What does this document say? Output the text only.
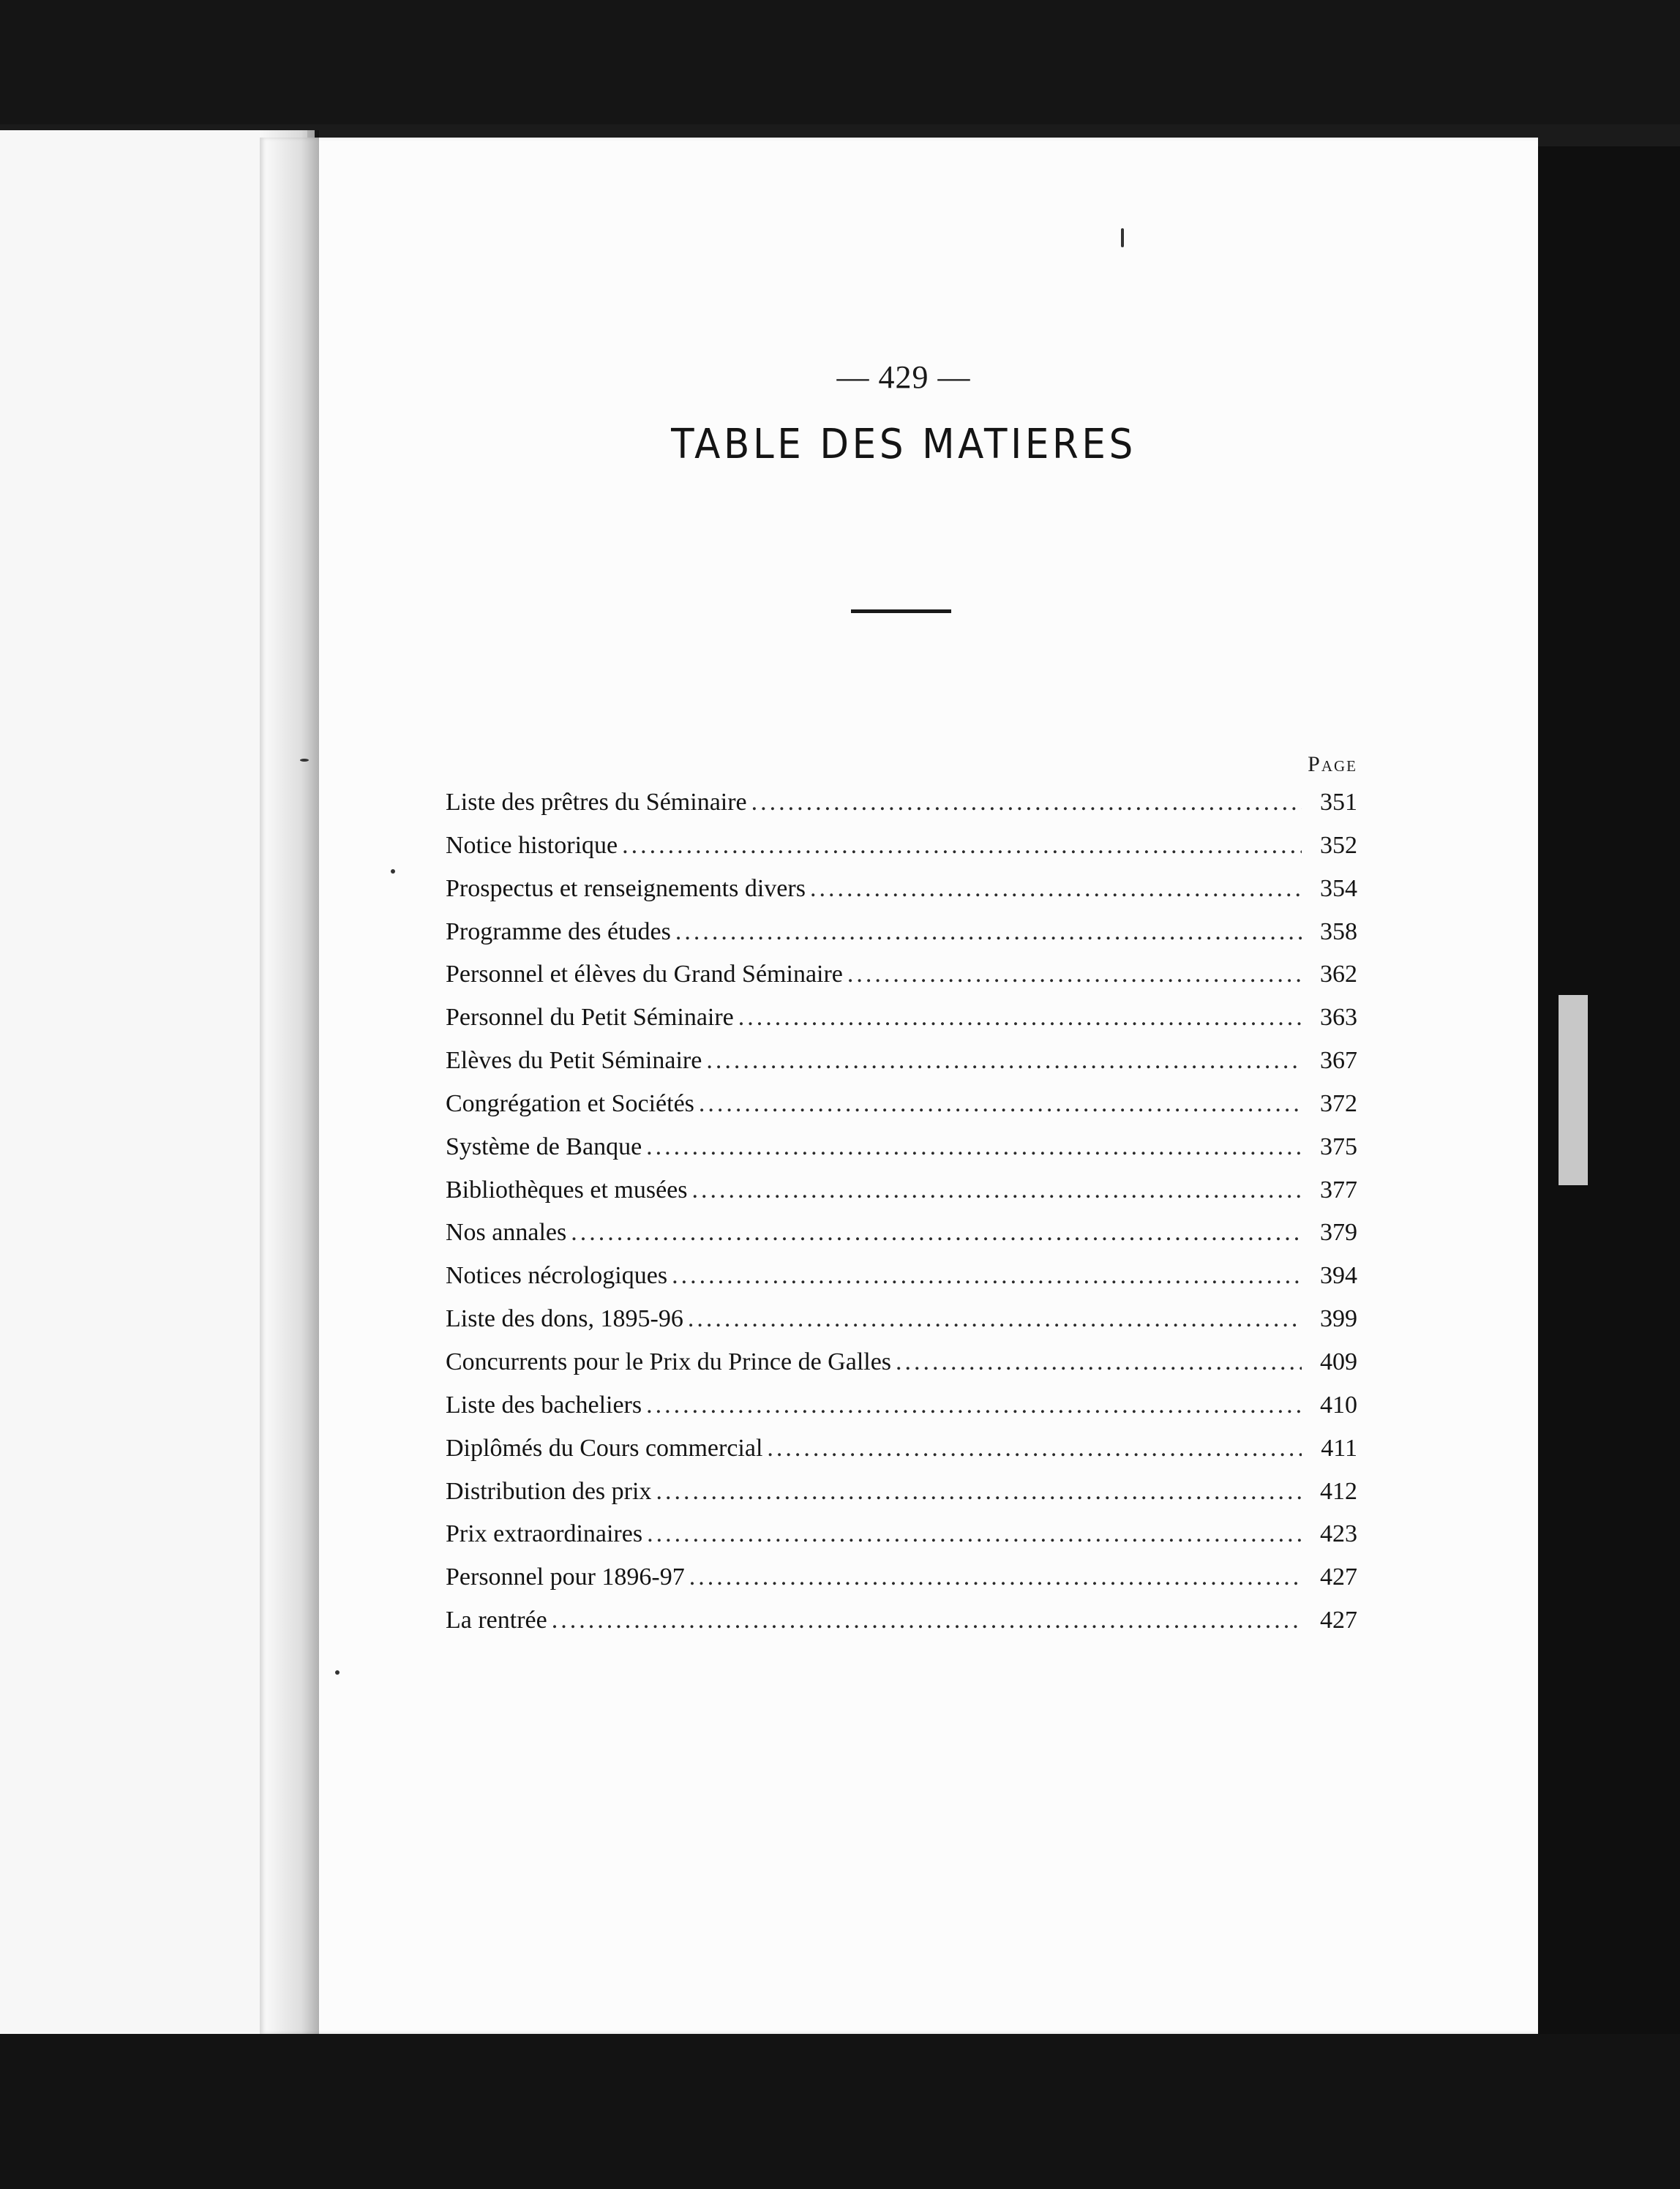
— 429 —
TABLE DES MATIERES
Page
Liste des prêtres du Séminaire .....	351
Notice historique .....	352
Prospectus et renseignements divers .....	354
Programme des études .....	358
Personnel et élèves du Grand Séminaire .....	362
Personnel du Petit Séminaire .....	363
Elèves du Petit Séminaire .....	367
Congrégation et Sociétés .....	372
Système de Banque .....	375
Bibliothèques et musées .....	377
Nos annales .....	379
Notices nécrologiques .....	394
Liste des dons, 1895-96 .....	399
Concurrents pour le Prix du Prince de Galles .....	409
Liste des bacheliers .....	410
Diplômés du Cours commercial .....	411
Distribution des prix .....	412
Prix extraordinaires .....	423
Personnel pour 1896-97 .....	427
La rentrée .....	427
